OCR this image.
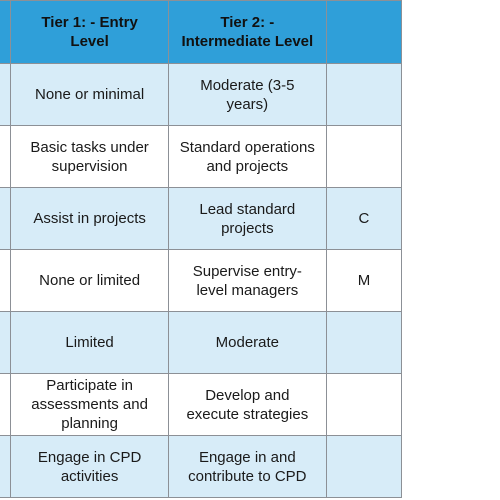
	Tier 1: - Entry Level	Tier 2: - Intermediate Level	
	None or minimal	Moderate (3-5 years)	
	Basic tasks under supervision	Standard operations and projects	
	Assist in projects	Lead standard projects	C
	None or limited	Supervise entry-level managers	M
	Limited	Moderate	
	Participate in assessments and planning	Develop and execute strategies	
	Engage in CPD activities	Engage in and contribute to CPD	
